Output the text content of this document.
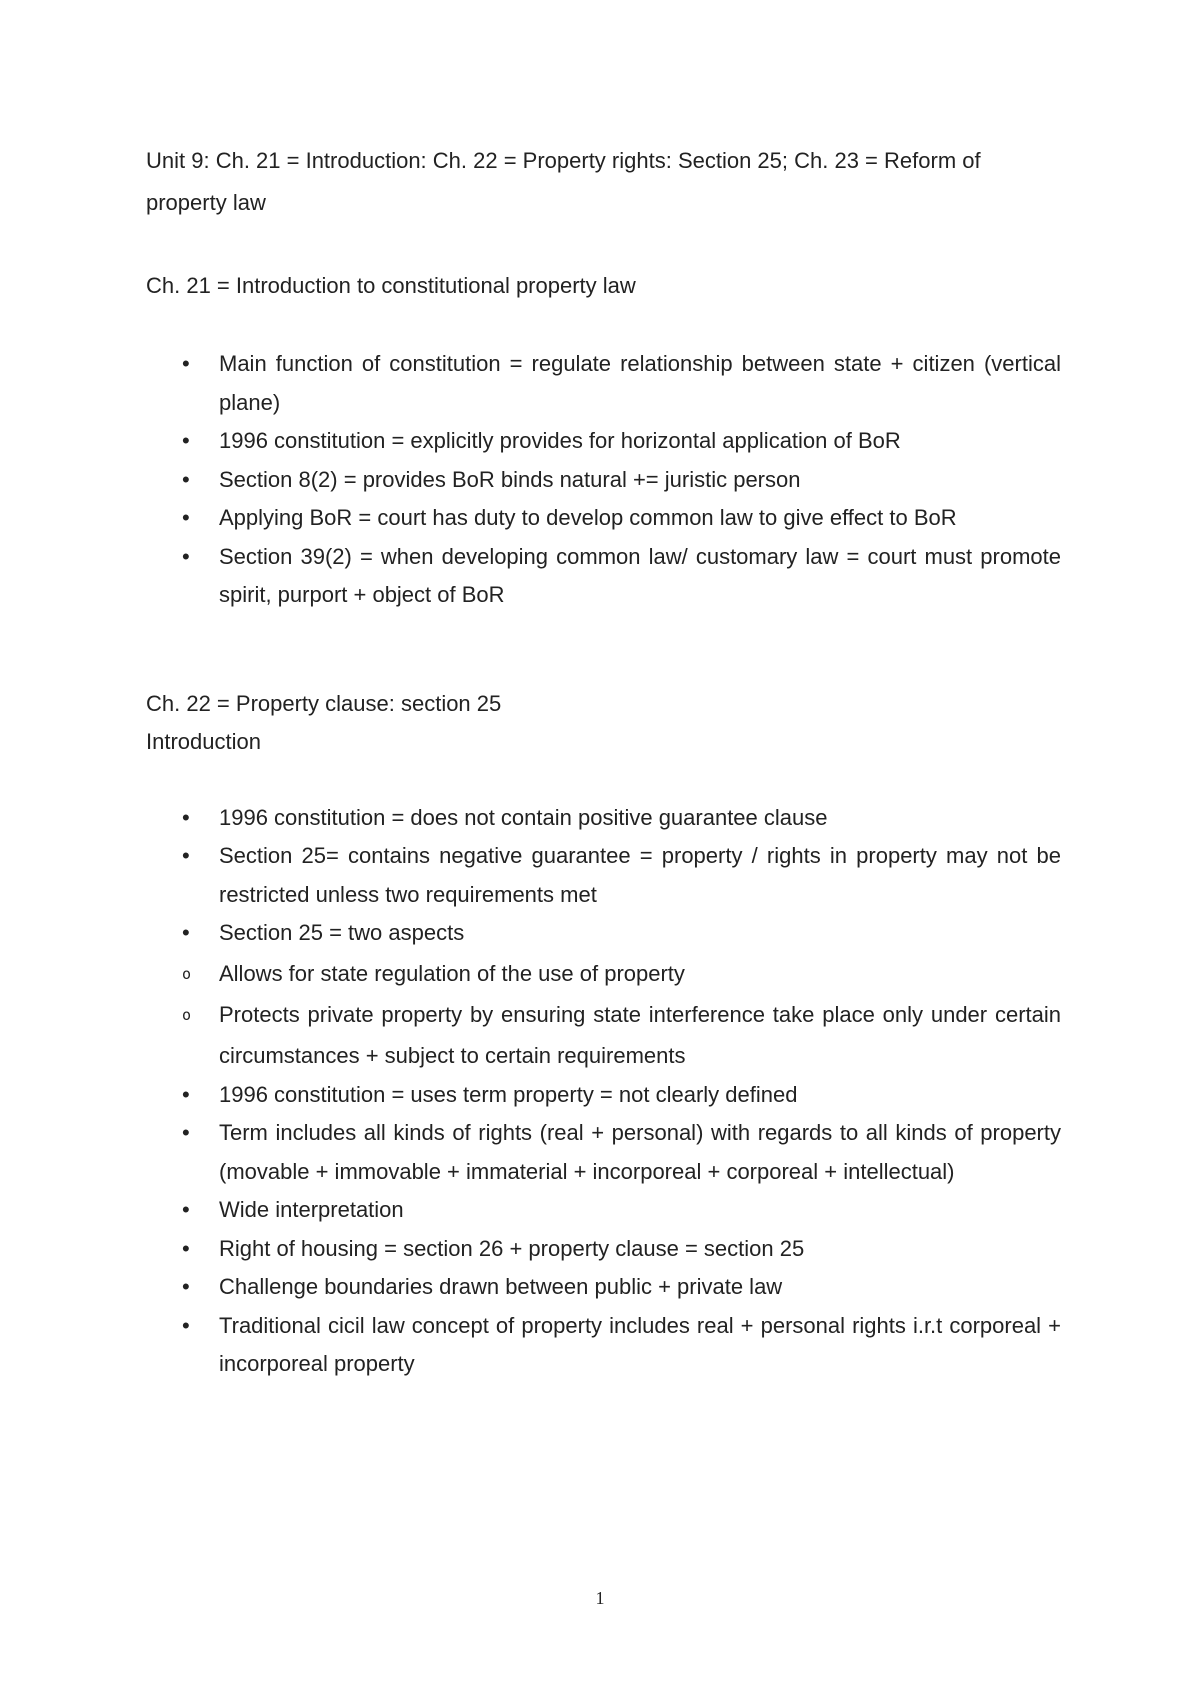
Unit 9: Ch. 21 = Introduction: Ch. 22 = Property rights: Section 25; Ch. 23 = Reform of property law

Ch. 21 = Introduction to constitutional property law

• Main function of constitution = regulate relationship between state + citizen (vertical plane)
• 1996 constitution = explicitly provides for horizontal application of BoR
• Section 8(2) = provides BoR binds natural += juristic person
• Applying BoR = court has duty to develop common law to give effect to BoR
• Section 39(2) = when developing common law/ customary law = court must promote spirit, purport + object of BoR

Ch. 22 = Property clause: section 25

Introduction

• 1996 constitution = does not contain positive guarantee clause
• Section 25= contains negative guarantee = property / rights in property may not be restricted unless two requirements met
• Section 25 = two aspects
o Allows for state regulation of the use of property
o Protects private property by ensuring state interference take place only under certain circumstances + subject to certain requirements
• 1996 constitution = uses term property = not clearly defined
• Term includes all kinds of rights (real + personal) with regards to all kinds of property (movable + immovable + immaterial + incorporeal + corporeal + intellectual)
• Wide interpretation
• Right of housing = section 26 + property clause = section 25
• Challenge boundaries drawn between public + private law
• Traditional cicil law concept of property includes real + personal rights i.r.t corporeal + incorporeal property
1
